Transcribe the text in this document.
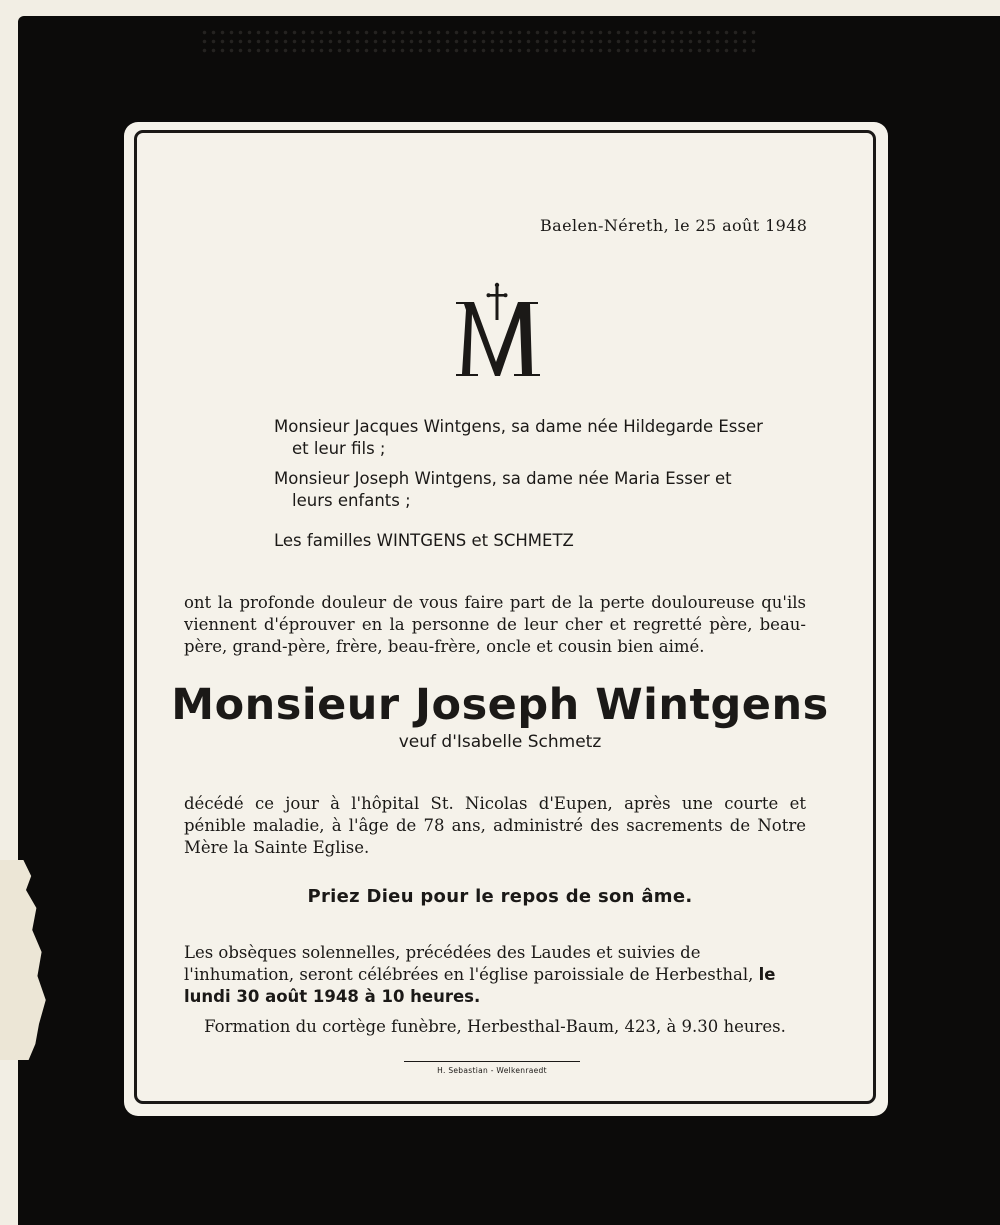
Baelen-Néreth, le 25 août 1948

Monsieur Jacques Wintgens, sa dame née Hildegarde Esser
et leur fils ;

Monsieur Joseph Wintgens, sa dame née Maria Esser et
leurs enfants ;

Les familles WINTGENS et SCHMETZ

ont la profonde douleur de vous faire part de la perte douloureuse qu'ils viennent d'éprouver en la personne de leur cher et regretté père, beau-père, grand-père, frère, beau-frère, oncle et cousin bien aimé.

Monsieur Joseph Wintgens

veuf d'Isabelle Schmetz

décédé ce jour à l'hôpital St. Nicolas d'Eupen, après une courte et pénible maladie, à l'âge de 78 ans, administré des sacrements de Notre Mère la Sainte Eglise.

Priez Dieu pour le repos de son âme.

Les obsèques solennelles, précédées des Laudes et suivies de l'inhumation, seront célébrées en l'église paroissiale de Herbesthal, le lundi 30 août 1948 à 10 heures.

Formation du cortège funèbre, Herbesthal-Baum, 423, à 9.30 heures.

H. Sebastian - Welkenraedt
